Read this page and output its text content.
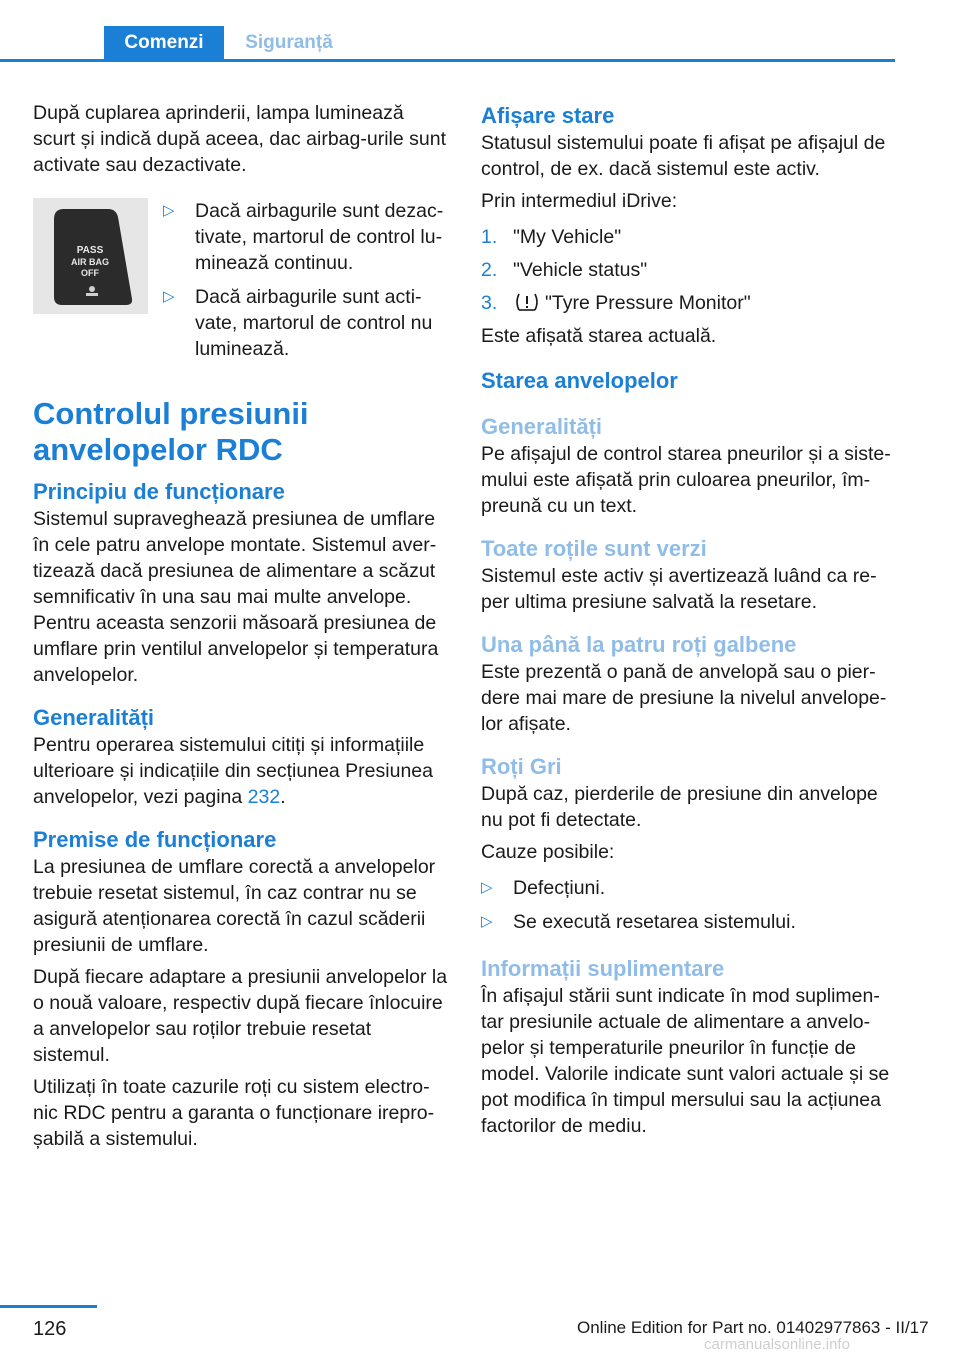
Comenzi	Siguranță

După cuplarea aprinderii, lampa luminează scurt și indică după aceea, dac airbag-urile sunt activate sau dezactivate.

PASS
AIR BAG
OFF
▷ Dacă airbagurile sunt dezactivate, martorul de control luminează continuu.
▷ Dacă airbagurile sunt activate, martorul de control nu luminează.
Controlul presiunii anvelopelor RDC
Principiu de funcționare

Sistemul supraveghează presiunea de umflare în cele patru anvelope montate. Sistemul avertizează dacă presiunea de alimentare a scăzut semnificativ în una sau mai multe anvelope. Pentru aceasta senzorii măsoară presiunea de umflare prin ventilul anvelopelor și temperatura anvelopelor.

Generalități

Pentru operarea sistemului citiți și informațiile ulterioare și indicațiile din secțiunea Presiunea anvelopelor, vezi pagina 232.

Premise de funcționare

La presiunea de umflare corectă a anvelopelor trebuie resetat sistemul, în caz contrar nu se asigură atenționarea corectă în cazul scăderii presiunii de umflare.

După fiecare adaptare a presiunii anvelopelor la o nouă valoare, respectiv după fiecare înlocuire a anvelopelor sau roților trebuie resetat sistemul.

Utilizați în toate cazurile roți cu sistem electronic RDC pentru a garanta o funcționare ireproșabilă a sistemului.

Afișare stare

Statusul sistemului poate fi afișat pe afișajul de control, de ex. dacă sistemul este activ.

Prin intermediul iDrive:

1. "My Vehicle"
2. "Vehicle status"
3. "Tyre Pressure Monitor"

Este afișată starea actuală.

Starea anvelopelor
Generalități

Pe afișajul de control starea pneurilor și a sistemului este afișată prin culoarea pneurilor, împreună cu un text.

Toate roțile sunt verzi

Sistemul este activ și avertizează luând ca reper ultima presiune salvată la resetare.

Una până la patru roți galbene

Este prezentă o pană de anvelopă sau o pierdere mai mare de presiune la nivelul anvelopelor afișate.

Roți Gri

După caz, pierderile de presiune din anvelope nu pot fi detectate.

Cauze posibile:

▷ Defecțiuni.
▷ Se execută resetarea sistemului.
Informații suplimentare

În afișajul stării sunt indicate în mod suplimentar presiunile actuale de alimentare a anvelopelor și temperaturile pneurilor în funcție de model. Valorile indicate sunt valori actuale și se pot modifica în timpul mersului sau la acțiunea factorilor de mediu.

126	Online Edition for Part no. 01402977863 - II/17
carmanualsonline.info
